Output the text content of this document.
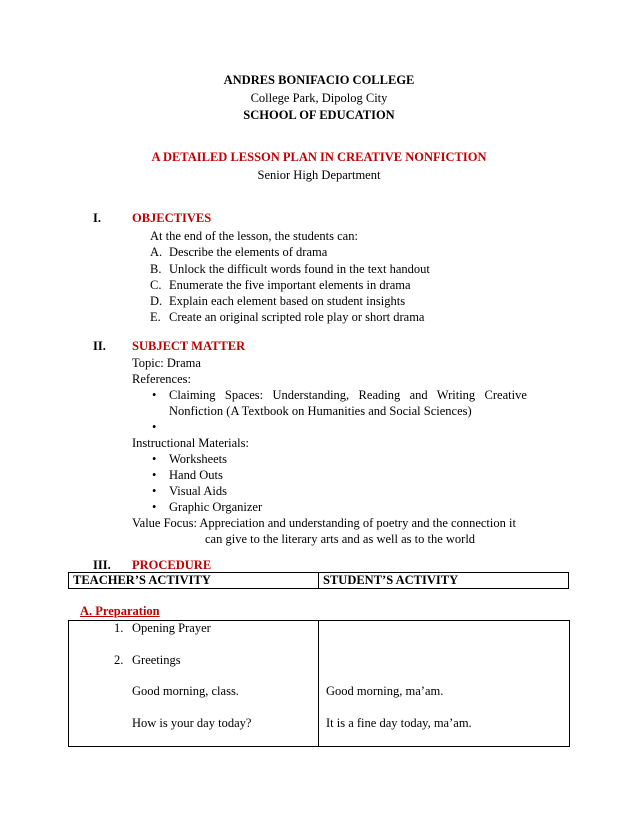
ANDRES BONIFACIO COLLEGE
College Park, Dipolog City
SCHOOL OF EDUCATION
A DETAILED LESSON PLAN IN CREATIVE NONFICTION
Senior High Department
I. OBJECTIVES
At the end of the lesson, the students can:
A. Describe the elements of drama
B. Unlock the difficult words found in the text handout
C. Enumerate the five important elements in drama
D. Explain each element based on student insights
E. Create an original scripted role play or short drama
II. SUBJECT MATTER
Topic: Drama
References:
• Claiming   Spaces:   Understanding,   Reading   and   Writing   Creative
Nonfiction (A Textbook on Humanities and Social Sciences)
•
Instructional Materials:
• Worksheets
• Hand Outs
• Visual Aids
• Graphic Organizer
Value Focus: Appreciation and understanding of poetry and the connection it
can give to the literary arts and as well as to the world
III. PROCEDURE
TEACHER’S ACTIVITY	STUDENT’S ACTIVITY
A. Preparation
1. Opening Prayer
2. Greetings
Good morning, class.	Good morning, ma’am.
How is your day today?	It is a fine day today, ma’am.
